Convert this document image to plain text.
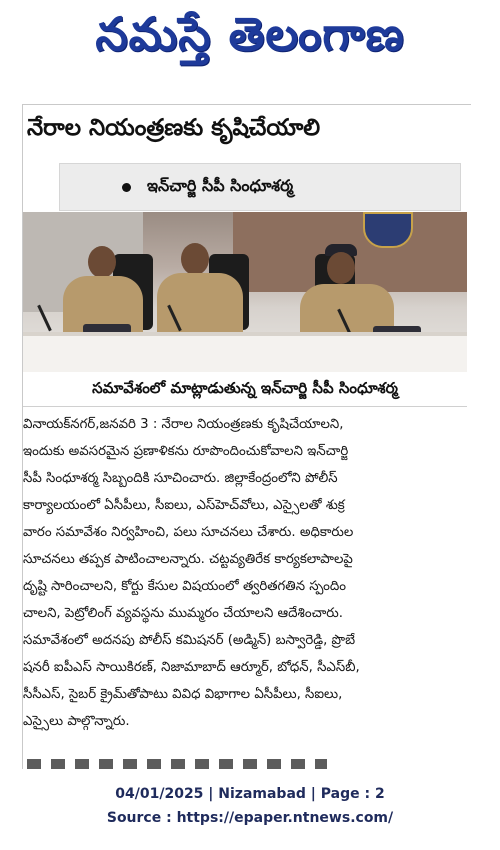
నమస్తే తెలంగాణ
నేరాల నియంత్రణకు కృషిచేయాలి
ఇన్‌చార్జి సీపీ సింధూశర్మ
సమావేశంలో మాట్లాడుతున్న ఇన్‌చార్జి సీపీ సింధూశర్మ
వినాయక్‌నగర్,జనవరి 3 : నేరాల నియంత్రణకు కృషిచేయాలని,
ఇందుకు అవసరమైన ప్రణాళికను రూపొందించుకోవాలని ఇన్‌చార్జి
సీపీ సింధూశర్మ సిబ్బందికి సూచించారు. జిల్లాకేంద్రంలోని పోలీస్
కార్యాలయంలో ఏసీపీలు, సీఐలు, ఎస్‌హెచ్‌వోలు, ఎస్సైలతో శుక్ర
వారం సమావేశం నిర్వహించి, పలు సూచనలు చేశారు. అధికారుల
సూచనలు తప్పక పాటించాలన్నారు. చట్టవ్యతిరేక కార్యకలాపాలపై
దృష్టి సారించాలని, కోర్టు కేసుల విషయంలో త్వరితగతిన స్పందిం
చాలని, పెట్రోలింగ్ వ్యవస్థను ముమ్మరం చేయాలని ఆదేశించారు.
సమావేశంలో అదనపు పోలీస్ కమిషనర్ (అడ్మిన్) బస్వారెడ్డి, ప్రొబే
షనరీ ఐపీఎస్ సాయికిరణ్, నిజామాబాద్ ఆర్మూర్, బోధన్, సీఎస్‌బీ,
సీసీఎస్, సైబర్ క్రైమ్‌తోపాటు వివిధ విభాగాల ఏసీపీలు, సీఐలు,
ఎస్సైలు పాల్గొన్నారు.
04/01/2025 | Nizamabad | Page : 2
Source : https://epaper.ntnews.com/
